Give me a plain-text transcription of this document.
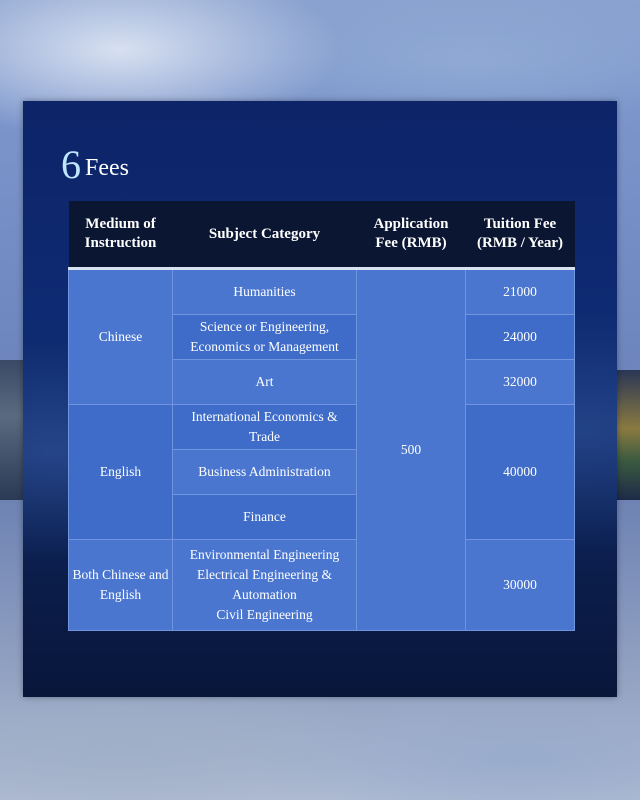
6 Fees
Medium of Instruction	Subject Category	Application Fee (RMB)	Tuition Fee (RMB / Year)
Chinese	Humanities	500	21000
	Science or Engineering, Economics or Management		24000
	Art		32000
English	International Economics & Trade		40000
	Business Administration		
	Finance		
Both Chinese and English	Environmental Engineering
Electrical Engineering & Automation
Civil Engineering		30000
